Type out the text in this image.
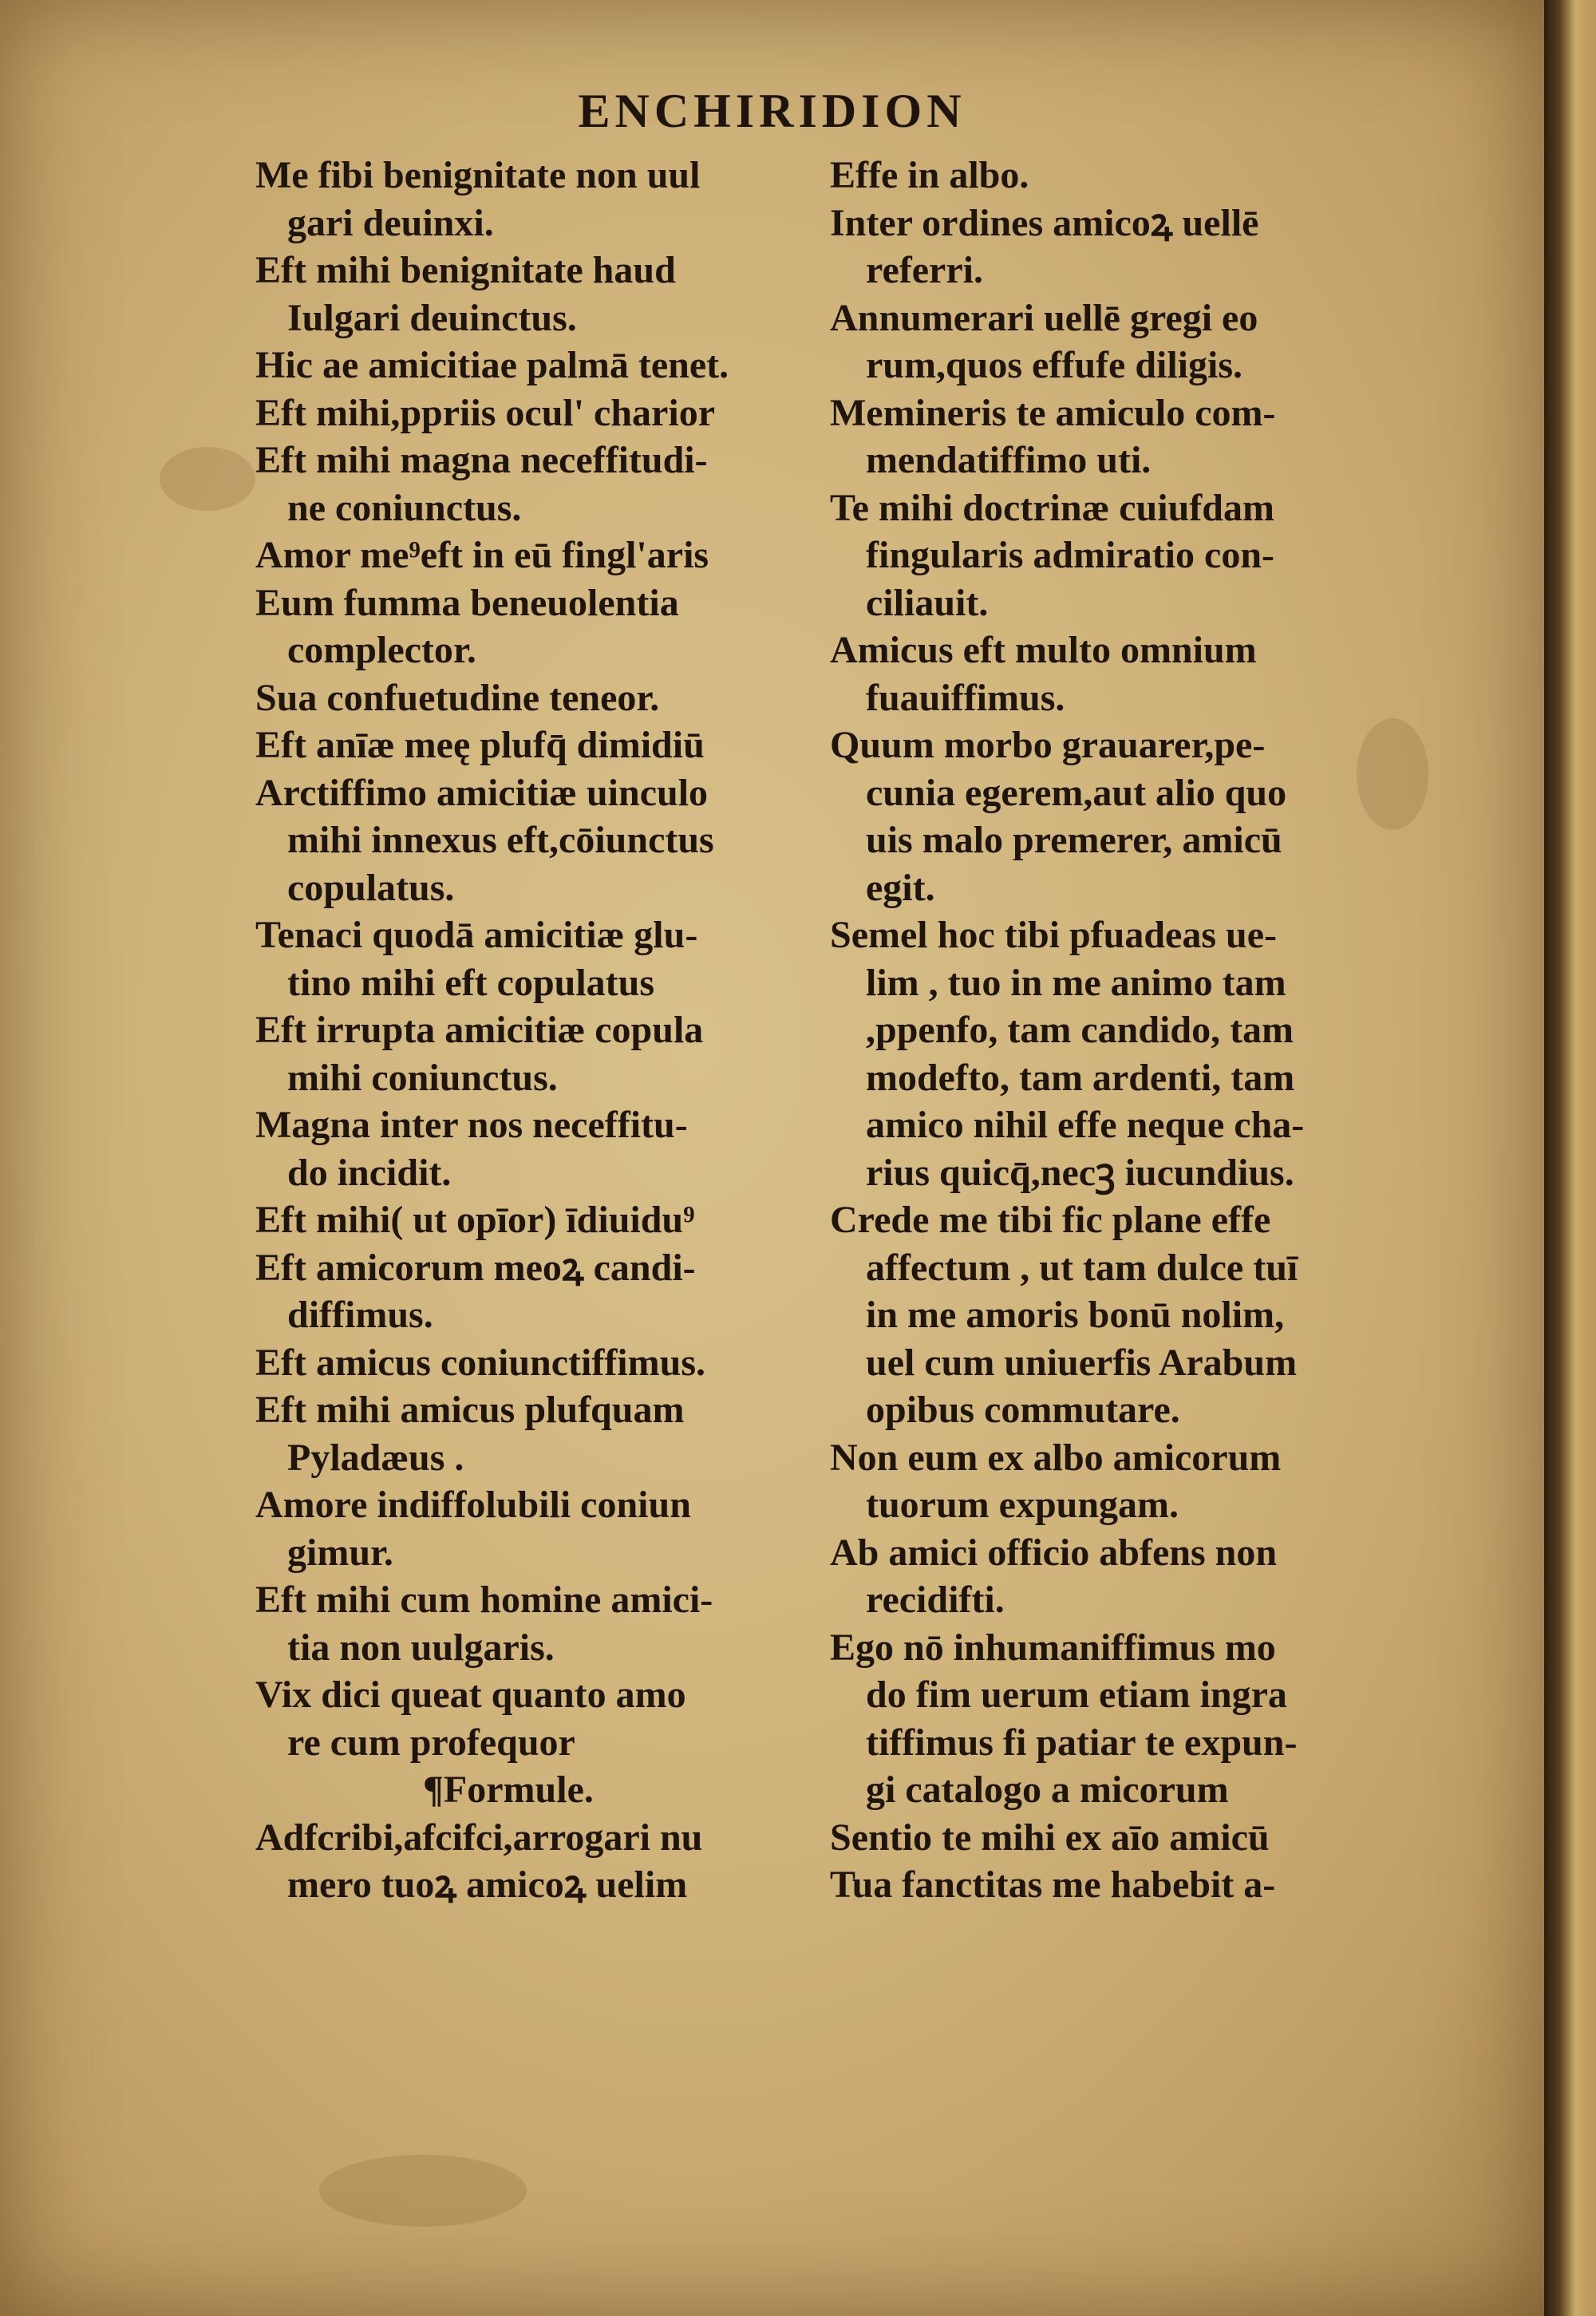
ENCHIRIDION
Me fibi benignitate non uul
gari deuinxi.
Eft mihi benignitate haud
Iulgari deuinctus.
Hic ae amicitiae palmā tenet.
Eft mihi,ppriis ocul' charior
Eft mihi magna neceffitudi-
ne coniunctus.
Amor me⁹eft in eū fingl'aris
Eum fumma beneuolentia
complector.
Sua confuetudine teneor.
Eft anīæ meę plufq̄ dimidiū
Arctiffimo amicitiæ uinculo
mihi innexus eft,cōiunctus
copulatus.
Tenaci quodā amicitiæ glu-
tino mihi eft copulatus
Eft irrupta amicitiæ copula
mihi coniunctus.
Magna inter nos neceffitu-
do incidit.
Eft mihi( ut opīor) īdiuidu⁹
Eft amicorum meoꝝ candi-
diffimus.
Eft amicus coniunctiffimus.
Eft mihi amicus plufquam
Pyladæus .
Amore indiffolubili coniun
gimur.
Eft mihi cum homine amici-
tia non uulgaris.
Vix dici queat quanto amo
re cum profequor
¶Formule.
Adfcribi,afcifci,arrogari nu
mero tuoꝝ amicoꝝ uelim
Effe in albo.
Inter ordines amicoꝝ uellē
referri.
Annumerari uellē gregi eo
rum,quos effufe diligis.
Memineris te amiculo com-
mendatiffimo uti.
Te mihi doctrinæ cuiufdam
fingularis admiratio con-
ciliauit.
Amicus eft multo omnium
fuauiffimus.
Quum morbo grauarer,pe-
cunia egerem,aut alio quo
uis malo premerer, amicū
egit.
Semel hoc tibi pfuadeas ue-
lim , tuo in me animo tam
,ppenfo, tam candido, tam
modefto, tam ardenti, tam
amico nihil effe neque cha-
rius quicq̄,necꝫ iucundius.
Crede me tibi fic plane effe
affectum , ut tam dulce tuī
in me amoris bonū nolim,
uel cum uniuerfis Arabum
opibus commutare.
Non eum ex albo amicorum
tuorum expungam.
Ab amici officio abfens non
recidifti.
Ego nō inhumaniffimus mo
do fim uerum etiam ingra
tiffimus fi patiar te expun-
gi catalogo a micorum
Sentio te mihi ex aīo amicū
Tua fanctitas me habebit a-
